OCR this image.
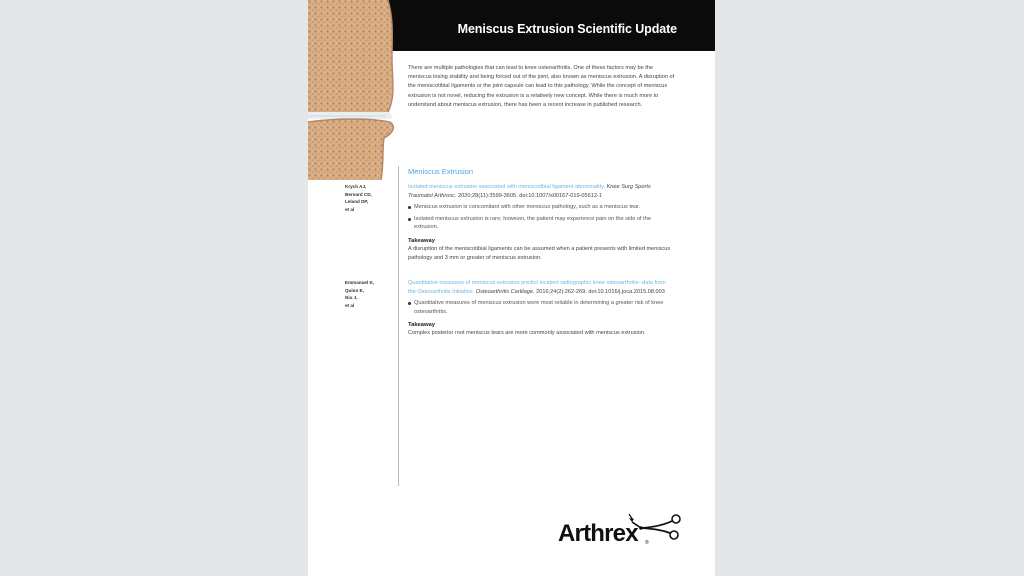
Meniscus Extrusion Scientific Update

There are multiple pathologies that can lead to knee osteoarthritis. One of these factors may be the meniscus losing stability and being forced out of the joint, also known as meniscus extrusion. A disruption of the meniscotibial ligaments or the joint capsule can lead to this pathology. While the concept of meniscus extrusion is not novel, reducing the extrusion is a relatively new concept. While there is much more to understand about meniscus extrusion, there has been a recent increase in published research.

Meniscus Extrusion

Krych AJ,
Bernard CD,
Leland DP,
et al

Isolated meniscus extrusion associated with meniscotibial ligament abnormality. Knee Surg Sports Traumatol Arthrosc. 2020;28(11):3599-3605. doi:10.1007/s00167-019-05612-1

Meniscus extrusion is concomitant with other meniscus pathology, such as a meniscus tear.
Isolated meniscus extrusion is rare; however, the patient may experience pain on the side of the extrusion.

Takeaway

A disruption of the meniscotibial ligaments can be assumed when a patient presents with limited meniscus pathology and 3 mm or greater of meniscus extrusion.

Emmanuel K,
Quinn E,
Niu J,
et al

Quantitative measures of meniscus extrusion predict incident radiographic knee osteoarthritis--data from the Osteoarthritis Initiative. Osteoarthritis Cartilage. 2016;24(2):262-269. doi:10.1016/j.joca.2015.08.003

Quantitative measures of meniscus extrusion were most reliable in determining a greater risk of knee osteoarthritis.

Takeaway

Complex posterior root meniscus tears are more commonly associated with meniscus extrusion.

Arthrex ®
